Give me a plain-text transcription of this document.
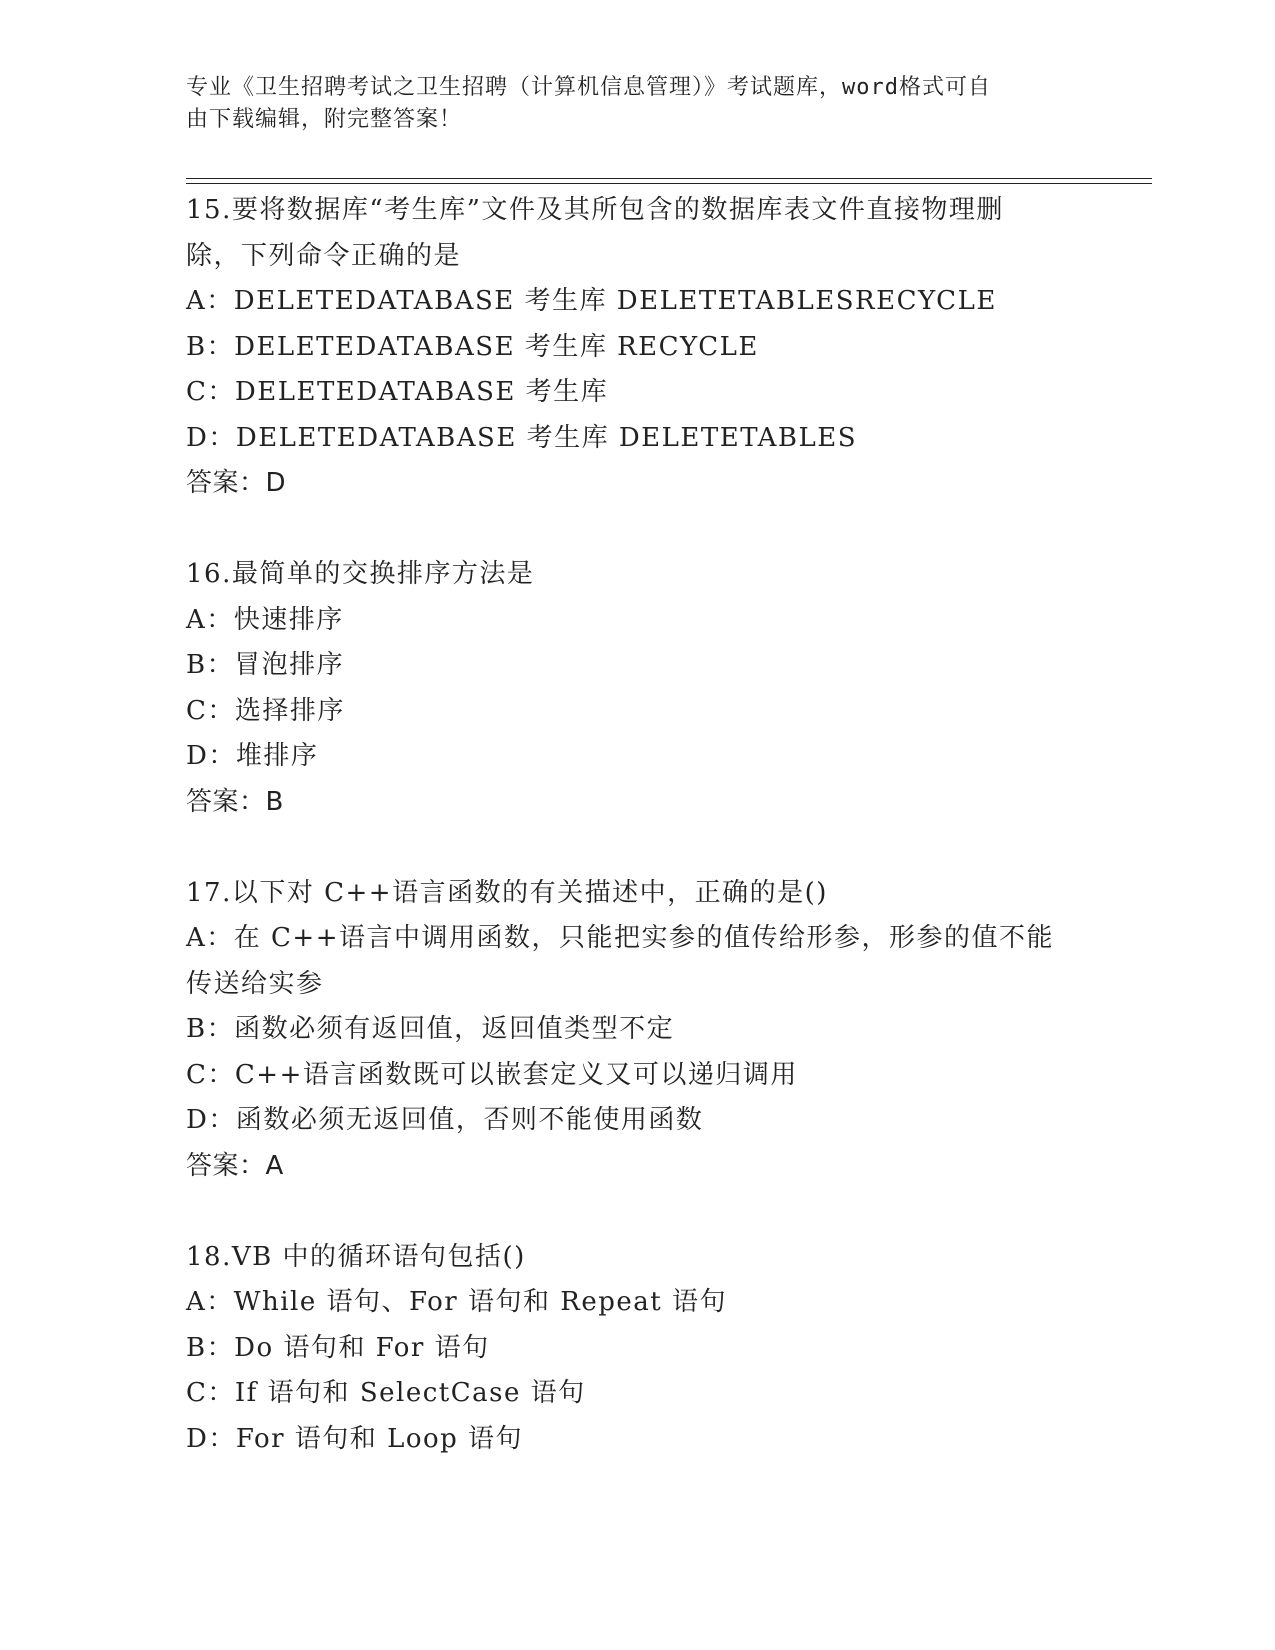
专业《卫生招聘考试之卫生招聘（计算机信息管理）》考试题库，word格式可自
由下载编辑，附完整答案！
15.要将数据库“考生库”文件及其所包含的数据库表文件直接物理删
除，下列命令正确的是
A：DELETEDATABASE 考生库 DELETETABLESRECYCLE
B：DELETEDATABASE 考生库 RECYCLE
C：DELETEDATABASE 考生库
D：DELETEDATABASE 考生库 DELETETABLES
答案：D
16.最简单的交换排序方法是
A：快速排序
B：冒泡排序
C：选择排序
D：堆排序
答案：B
17.以下对 C++语言函数的有关描述中，正确的是()
A：在 C++语言中调用函数，只能把实参的值传给形参，形参的值不能
传送给实参
B：函数必须有返回值，返回值类型不定
C：C++语言函数既可以嵌套定义又可以递归调用
D：函数必须无返回值，否则不能使用函数
答案：A
18.VB 中的循环语句包括()
A：While 语句、For 语句和 Repeat 语句
B：Do 语句和 For 语句
C：If 语句和 SelectCase 语句
D：For 语句和 Loop 语句
